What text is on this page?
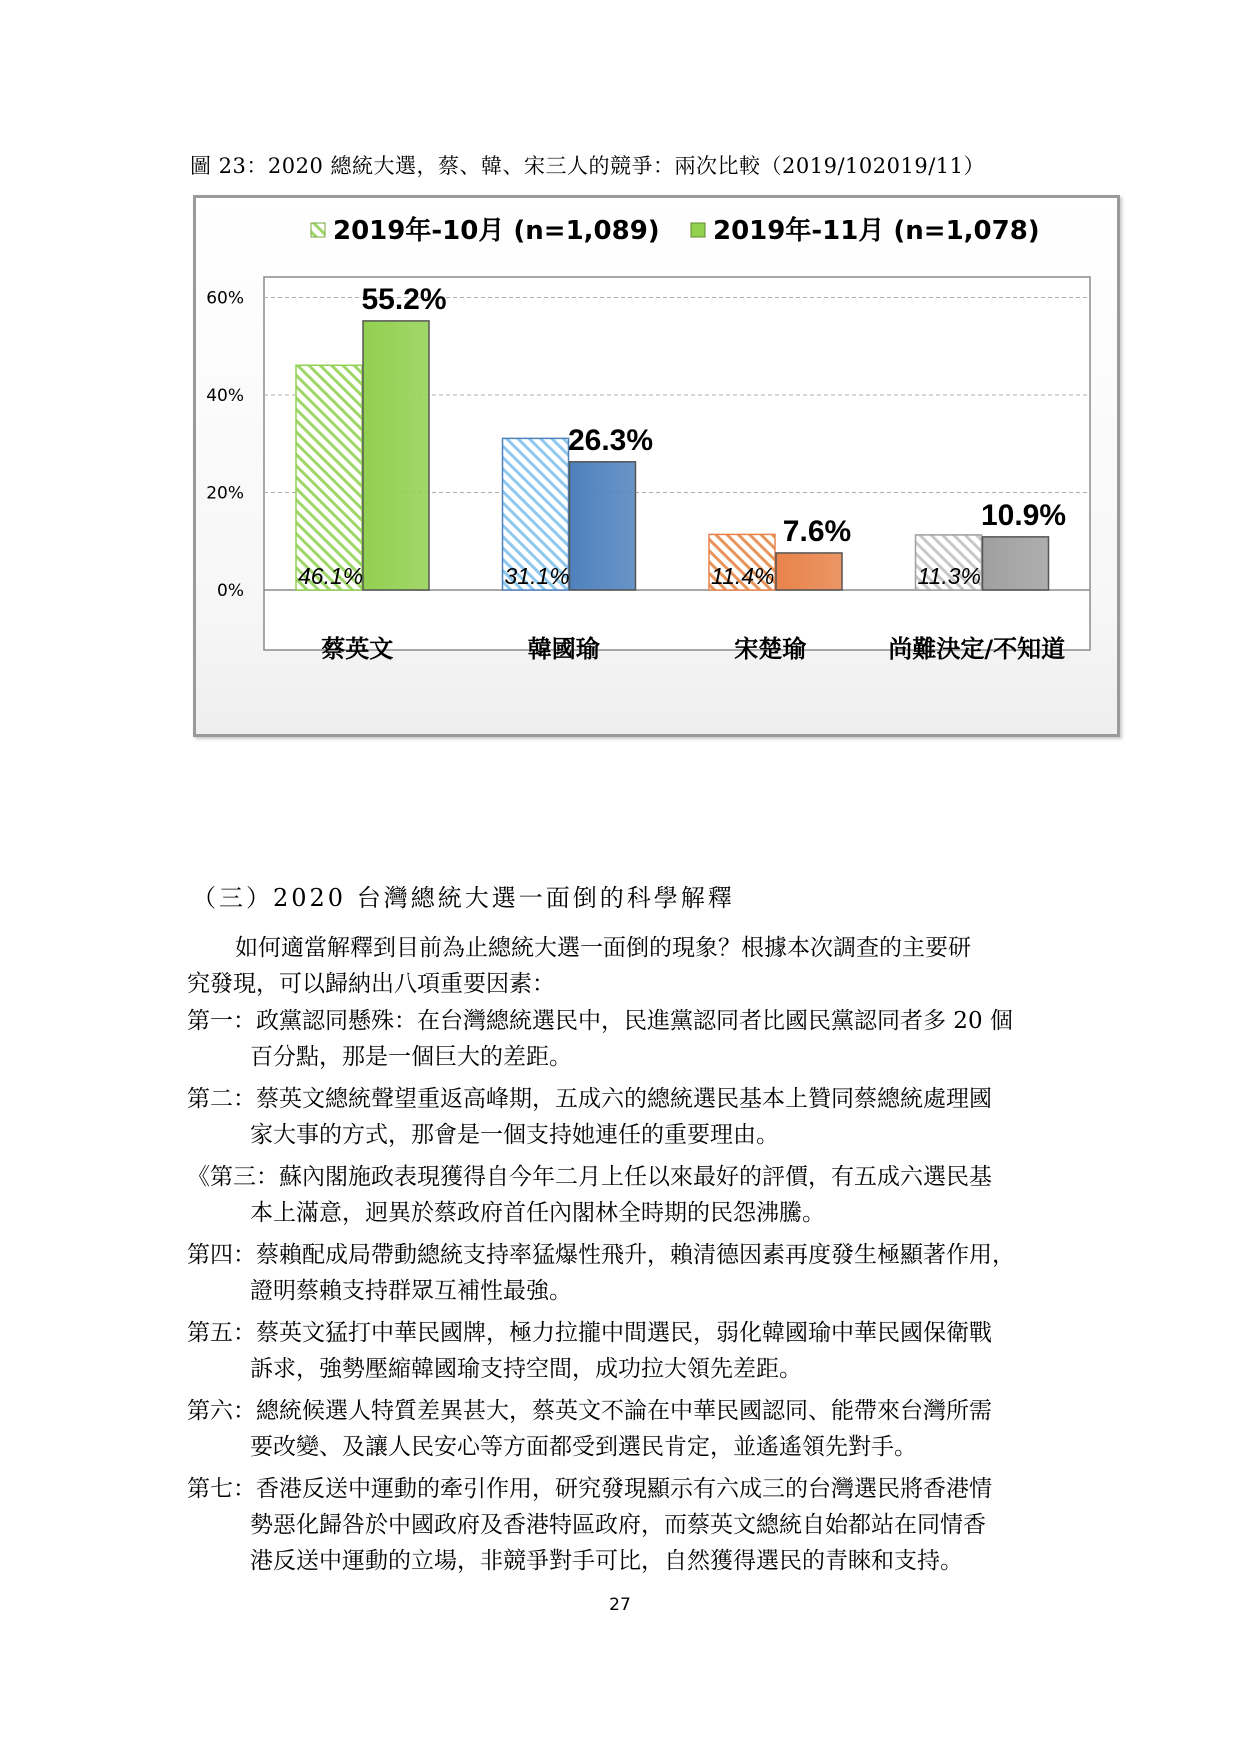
圖 23：2020 總統大選，蔡、韓、宋三人的競爭：兩次比較（2019/102019/11）
2019年-10月 (n=1,089) 2019年-11月 (n=1,078)
0%
20%
40%
60%
46.1%
55.2%
31.1%
26.3%
11.4%
7.6%
11.3%
10.9%
蔡英文	韓國瑜	宋楚瑜	尚難決定/不知道
（三）2020 台灣總統大選一面倒的科學解釋
如何適當解釋到目前為止總統大選一面倒的現象？根據本次調查的主要研
究發現，可以歸納出八項重要因素：
第一：政黨認同懸殊：在台灣總統選民中，民進黨認同者比國民黨認同者多 20 個
百分點，那是一個巨大的差距。
第二：蔡英文總統聲望重返高峰期，五成六的總統選民基本上贊同蔡總統處理國
家大事的方式，那會是一個支持她連任的重要理由。
《第三：蘇內閣施政表現獲得自今年二月上任以來最好的評價，有五成六選民基
本上滿意，迥異於蔡政府首任內閣林全時期的民怨沸騰。
第四：蔡賴配成局帶動總統支持率猛爆性飛升，賴清德因素再度發生極顯著作用，
證明蔡賴支持群眾互補性最強。
第五：蔡英文猛打中華民國牌，極力拉攏中間選民，弱化韓國瑜中華民國保衛戰
訴求，強勢壓縮韓國瑜支持空間，成功拉大領先差距。
第六：總統候選人特質差異甚大，蔡英文不論在中華民國認同、能帶來台灣所需
要改變、及讓人民安心等方面都受到選民肯定，並遙遙領先對手。
第七：香港反送中運動的牽引作用，研究發現顯示有六成三的台灣選民將香港情
勢惡化歸咎於中國政府及香港特區政府，而蔡英文總統自始都站在同情香
港反送中運動的立場，非競爭對手可比，自然獲得選民的青睞和支持。
27
